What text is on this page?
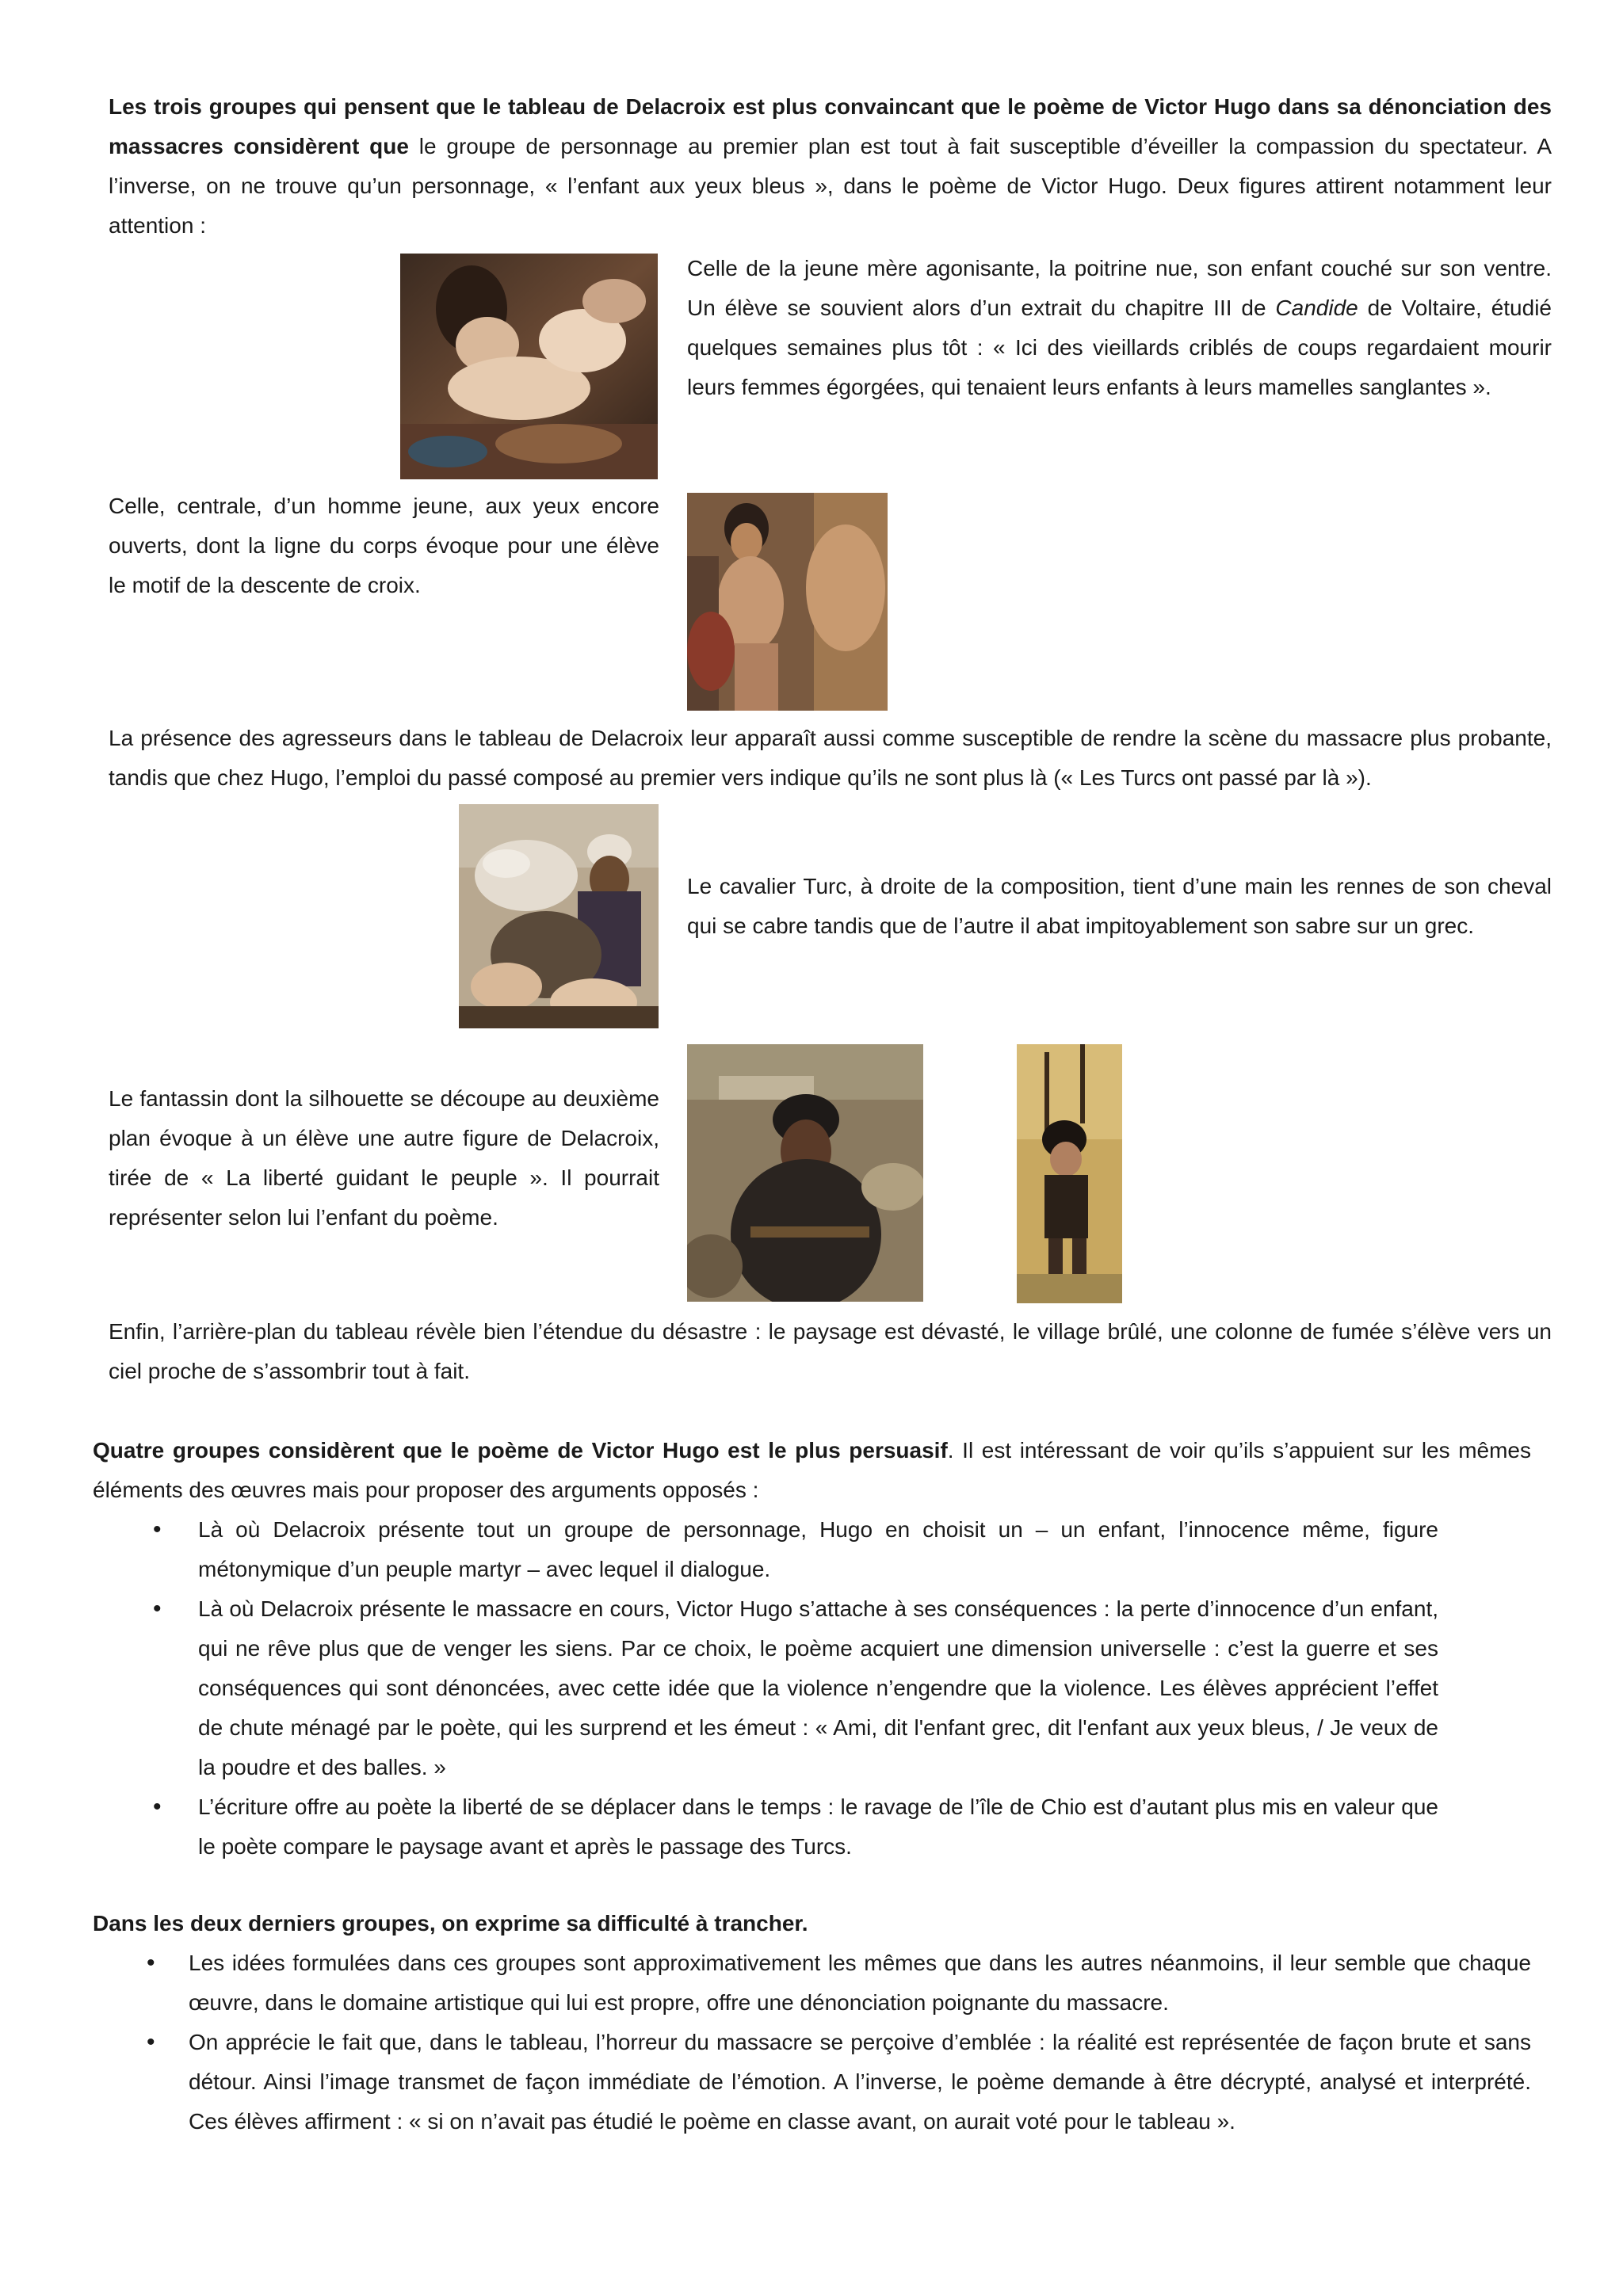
Les trois groupes qui pensent que le tableau de Delacroix est plus convaincant que le poème de Victor Hugo dans sa dénonciation des massacres considèrent que le groupe de personnage au premier plan est tout à fait susceptible d’éveiller la compassion du spectateur. A l’inverse, on ne trouve qu’un personnage, « l’enfant aux yeux bleus », dans le poème de Victor Hugo. Deux figures attirent notamment leur attention :

Celle de la jeune mère agonisante, la poitrine nue, son enfant couché sur son ventre. Un élève se souvient alors d’un extrait du chapitre III de Candide de Voltaire, étudié quelques semaines plus tôt : « Ici des vieillards criblés de coups regardaient mourir leurs femmes égorgées, qui tenaient leurs enfants à leurs mamelles sanglantes ».

Celle, centrale, d’un homme jeune, aux yeux encore ouverts, dont la ligne du corps évoque pour une élève le motif de la descente de croix.

La présence des agresseurs dans le tableau de Delacroix leur apparaît aussi comme susceptible de rendre la scène du massacre plus probante, tandis que chez Hugo, l’emploi du passé composé au premier vers indique qu’ils ne sont plus là (« Les Turcs ont passé par là »).

Le cavalier Turc, à droite de la composition, tient d’une main les rennes de son cheval qui se cabre tandis que de l’autre il abat impitoyablement son sabre sur un grec.

Le fantassin dont la silhouette se découpe au deuxième plan évoque à un élève une autre figure de Delacroix, tirée de « La liberté guidant le peuple ». Il pourrait représenter selon lui l’enfant du poème.

Enfin, l’arrière-plan du tableau révèle bien l’étendue du désastre : le paysage est dévasté, le village brûlé, une colonne de fumée s’élève vers un ciel proche de s’assombrir tout à fait.

Quatre groupes considèrent que le poème de Victor Hugo est le plus persuasif. Il est intéressant de voir qu’ils s’appuient sur les mêmes éléments des œuvres mais pour proposer des arguments opposés :

• Là où Delacroix présente tout un groupe de personnage, Hugo en choisit un – un enfant, l’innocence même, figure métonymique d’un peuple martyr – avec lequel il dialogue.
• Là où Delacroix présente le massacre en cours, Victor Hugo s’attache à ses conséquences : la perte d’innocence d’un enfant, qui ne rêve plus que de venger les siens. Par ce choix, le poème acquiert une dimension universelle : c’est la guerre et ses conséquences qui sont dénoncées, avec cette idée que la violence n’engendre que la violence. Les élèves apprécient l’effet de chute ménagé par le poète, qui les surprend et les émeut : « Ami, dit l'enfant grec, dit l'enfant aux yeux bleus, / Je veux de la poudre et des balles. »
• L’écriture offre au poète la liberté de se déplacer dans le temps : le ravage de l’île de Chio est d’autant plus mis en valeur que le poète compare le paysage avant et après le passage des Turcs.

Dans les deux derniers groupes, on exprime sa difficulté à trancher.

• Les idées formulées dans ces groupes sont approximativement les mêmes que dans les autres néanmoins, il leur semble que chaque œuvre, dans le domaine artistique qui lui est propre, offre une dénonciation poignante du massacre.
• On apprécie le fait que, dans le tableau, l’horreur du massacre se perçoive d’emblée : la réalité est représentée de façon brute et sans détour. Ainsi l’image transmet de façon immédiate de l’émotion. A l’inverse, le poème demande à être décrypté, analysé et interprété. Ces élèves affirment : « si on n’avait pas étudié le poème en classe avant, on aurait voté pour le tableau ».
